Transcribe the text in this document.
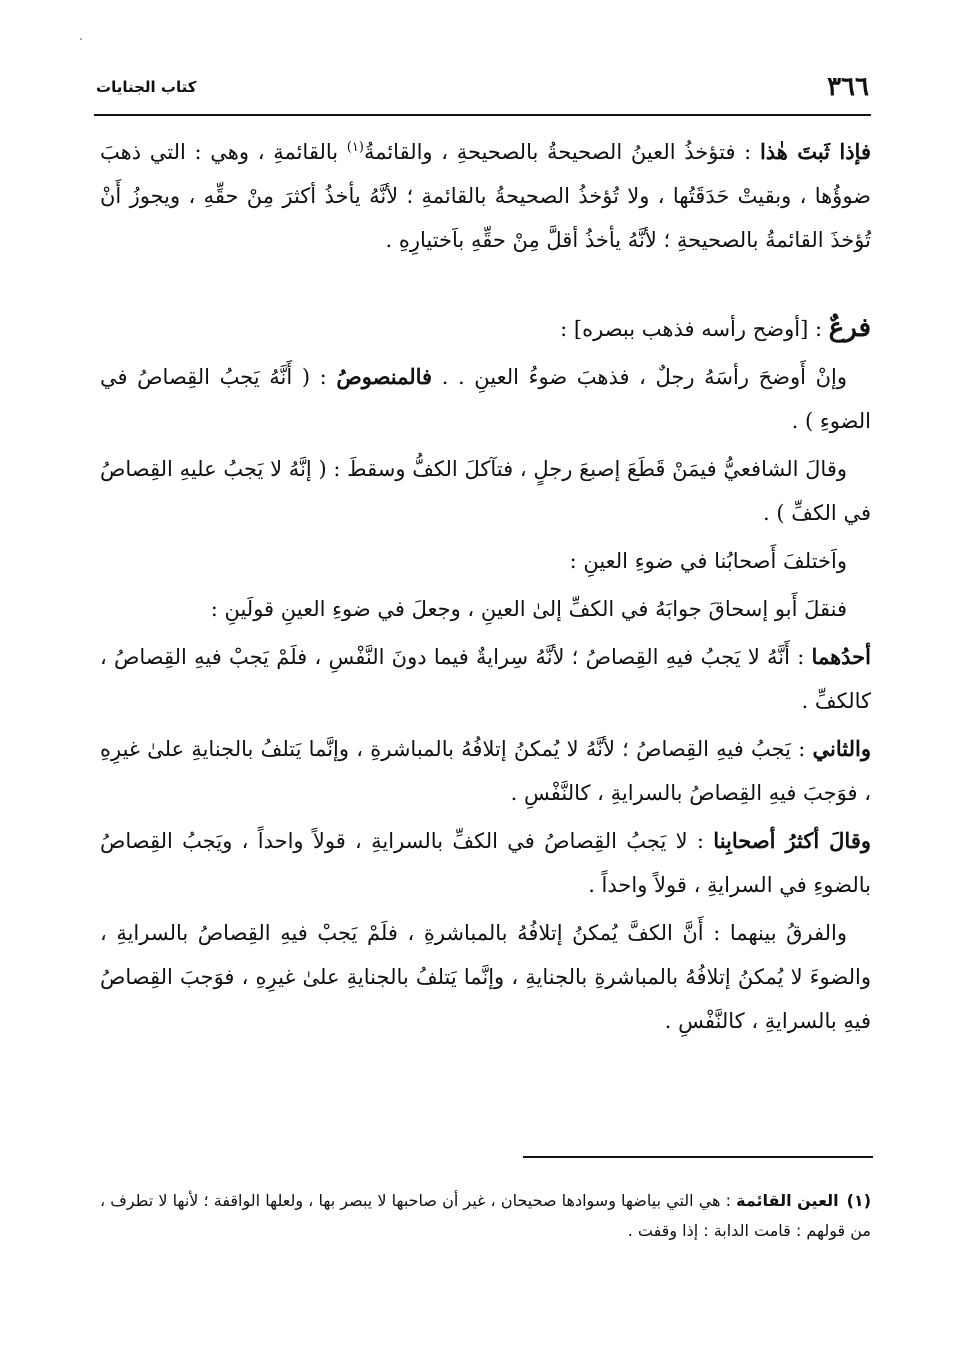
٣٦٦
كتاب الجنايات

فإذا ثَبتَ هٰذا : فتؤخذُ العينُ الصحيحةُ بالصحيحةِ ، والقائمةُ$^{(١)}$ بالقائمةِ ، وهي : التي ذهبَ ضوؤُها ، وبقيتْ حَدَقَتُها ، ولا تُؤخذُ الصحيحةُ بالقائمةِ ؛ لأنَّهُ يأخذُ أكثرَ مِنْ حقِّهِ ، ويجوزُ أَنْ تُؤخذَ القائمةُ بالصحيحةِ ؛ لأنَّهُ يأخذُ أقلَّ مِنْ حقِّهِ باَختيارِهِ .

فرعٌ : [أوضح رأسه فذهب ببصره] :

وإنْ أَوضحَ رأسَهُ رجلٌ ، فذهبَ ضوءُ العينِ . . فالمنصوصُ : ( أَنَّهُ يَجبُ القِصاصُ في الضوءِ ) .

وقالَ الشافعيُّ فيمَنْ قَطَعَ إصبعَ رجلٍ ، فتآكلَ الكفُّ وسقطَ : ( إنَّهُ لا يَجبُ عليهِ القِصاصُ في الكفِّ ) .

واَختلفَ أَصحابُنا في ضوءِ العينِ :

فنقلَ أَبو إسحاقَ جوابَهُ في الكفِّ إلىٰ العينِ ، وجعلَ في ضوءِ العينِ قولَينِ :

أحدُهما : أَنَّهُ لا يَجبُ فيهِ القِصاصُ ؛ لأنَّهُ سِرايةٌ فيما دونَ النَّفْسِ ، فلَمْ يَجبْ فيهِ القِصاصُ ، كالكفِّ .

والثاني : يَجبُ فيهِ القِصاصُ ؛ لأنَّهُ لا يُمكنُ إتلافُهُ بالمباشرةِ ، وإنَّما يَتلفُ بالجنايةِ علىٰ غيرِهِ ، فوَجبَ فيهِ القِصاصُ بالسرايةِ ، كالنَّفْسِ .

وقالَ أكثرُ أصحابِنا : لا يَجبُ القِصاصُ في الكفِّ بالسرايةِ ، قولاً واحداً ، ويَجبُ القِصاصُ بالضوءِ في السرايةِ ، قولاً واحداً .

والفرقُ بينهما : أَنَّ الكفَّ يُمكنُ إتلافُهُ بالمباشرةِ ، فلَمْ يَجبْ فيهِ القِصاصُ بالسرايةِ ، والضوءَ لا يُمكنُ إتلافُهُ بالمباشرةِ بالجنايةِ ، وإنَّما يَتلفُ بالجنايةِ علىٰ غيرِهِ ، فوَجبَ القِصاصُ فيهِ بالسرايةِ ، كالنَّفْسِ .

(١)العين القائمة : هي التي بياضها وسوادها صحيحان ، غير أن صاحبها لا يبصر بها ، ولعلها الواقفة ؛ لأنها لا تطرف ، من قولهم : قامت الدابة : إذا وقفت .
